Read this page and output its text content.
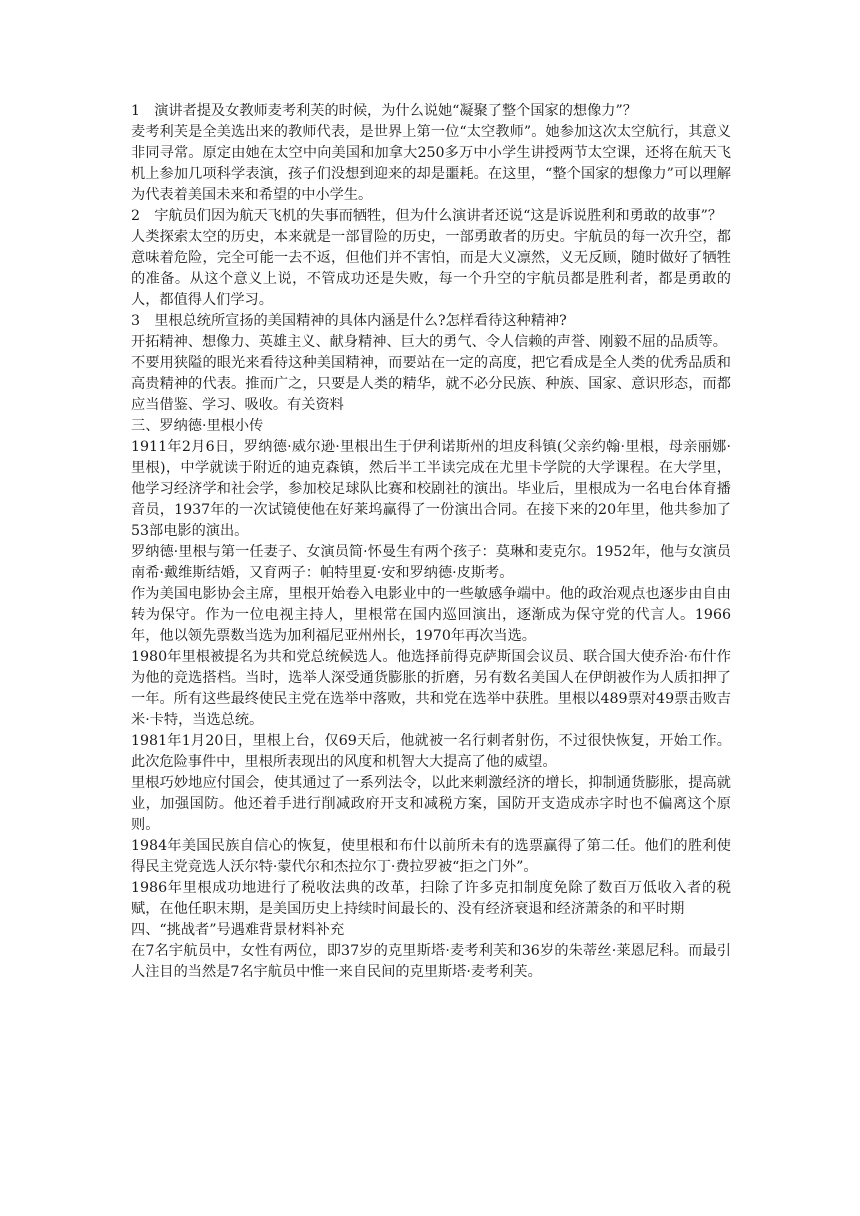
1　演讲者提及女教师麦考利芙的时候，为什么说她“凝聚了整个国家的想像力”？

麦考利芙是全美选出来的教师代表，是世界上第一位“太空教师”。她参加这次太空航行，其意义非同寻常。原定由她在太空中向美国和加拿大250多万中小学生讲授两节太空课，还将在航天飞机上参加几项科学表演，孩子们没想到迎来的却是噩耗。在这里，“整个国家的想像力”可以理解为代表着美国未来和希望的中小学生。

2　宇航员们因为航天飞机的失事而牺牲，但为什么演讲者还说“这是诉说胜利和勇敢的故事”？

人类探索太空的历史，本来就是一部冒险的历史，一部勇敢者的历史。宇航员的每一次升空，都意味着危险，完全可能一去不返，但他们并不害怕，而是大义凛然，义无反顾，随时做好了牺牲的准备。从这个意义上说，不管成功还是失败，每一个升空的宇航员都是胜利者，都是勇敢的人，都值得人们学习。

3　里根总统所宣扬的美国精神的具体内涵是什么?怎样看待这种精神?

开拓精神、想像力、英雄主义、献身精神、巨大的勇气、令人信赖的声誉、刚毅不屈的品质等。

不要用狭隘的眼光来看待这种美国精神，而要站在一定的高度，把它看成是全人类的优秀品质和高贵精神的代表。推而广之，只要是人类的精华，就不必分民族、种族、国家、意识形态，而都应当借鉴、学习、吸收。有关资料

三、罗纳德·里根小传

1911年2月6日，罗纳德·威尔逊·里根出生于伊利诺斯州的坦皮科镇(父亲约翰·里根，母亲丽娜·里根)，中学就读于附近的迪克森镇，然后半工半读完成在尤里卡学院的大学课程。在大学里，他学习经济学和社会学，参加校足球队比赛和校剧社的演出。毕业后，里根成为一名电台体育播音员，1937年的一次试镜使他在好莱坞赢得了一份演出合同。在接下来的20年里，他共参加了53部电影的演出。

罗纳德·里根与第一任妻子、女演员简·怀曼生有两个孩子：莫琳和麦克尔。1952年，他与女演员南希·戴维斯结婚，又育两子：帕特里夏·安和罗纳德·皮斯考。

作为美国电影协会主席，里根开始卷入电影业中的一些敏感争端中。他的政治观点也逐步由自由转为保守。作为一位电视主持人，里根常在国内巡回演出，逐渐成为保守党的代言人。1966年，他以领先票数当选为加利福尼亚州州长，1970年再次当选。

1980年里根被提名为共和党总统候选人。他选择前得克萨斯国会议员、联合国大使乔治·布什作为他的竞选搭档。当时，选举人深受通货膨胀的折磨，另有数名美国人在伊朗被作为人质扣押了一年。所有这些最终使民主党在选举中落败，共和党在选举中获胜。里根以489票对49票击败吉米·卡特，当选总统。

1981年1月20日，里根上台，仅69天后，他就被一名行刺者射伤，不过很快恢复，开始工作。此次危险事件中，里根所表现出的风度和机智大大提高了他的威望。

里根巧妙地应付国会，使其通过了一系列法令，以此来刺激经济的增长，抑制通货膨胀，提高就业，加强国防。他还着手进行削减政府开支和减税方案，国防开支造成赤字时也不偏离这个原则。

1984年美国民族自信心的恢复，使里根和布什以前所未有的选票赢得了第二任。他们的胜利使得民主党竞选人沃尔特·蒙代尔和杰拉尔丁·费拉罗被“拒之门外”。

1986年里根成功地进行了税收法典的改革，扫除了许多克扣制度免除了数百万低收入者的税赋，在他任职末期，是美国历史上持续时间最长的、没有经济衰退和经济萧条的和平时期

四、“挑战者”号遇难背景材料补充

在7名宇航员中，女性有两位，即37岁的克里斯塔·麦考利芙和36岁的朱蒂丝·莱恩尼科。而最引人注目的当然是7名宇航员中惟一来自民间的克里斯塔·麦考利芙。
